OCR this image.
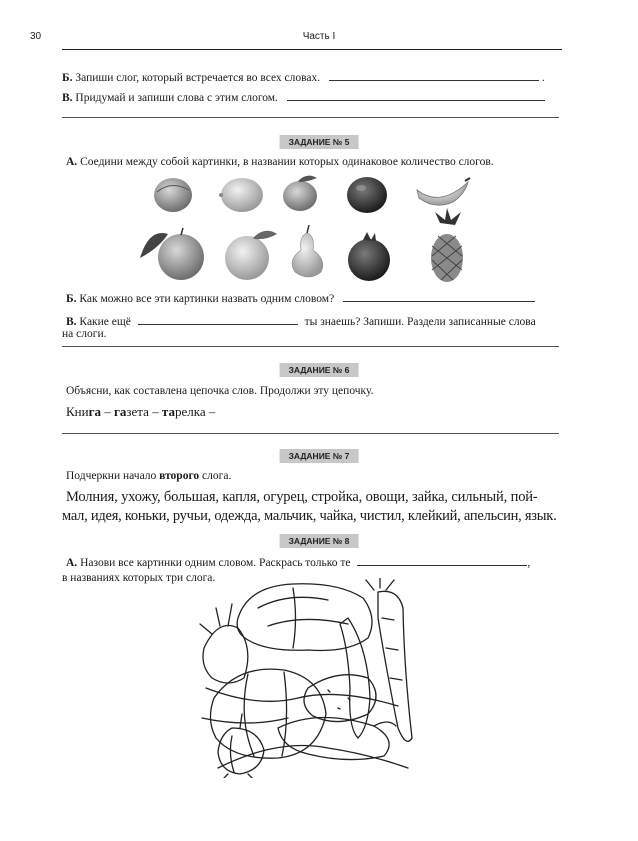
30	Часть I
Б. Запиши слог, который встречается во всех словах.	.
В. Придумай и запиши слова с этим слогом.
ЗАДАНИЕ № 5
А. Соедини между собой картинки, в названии которых одинаковое количество слогов.
Б. Как можно все эти картинки назвать одним словом?
В. Какие ещё	ты знаешь? Запиши. Раздели записанные слова
на слоги.
ЗАДАНИЕ № 6
Объясни, как составлена цепочка слов. Продолжи эту цепочку.
Книга – газета – тарелка –
ЗАДАНИЕ № 7
Подчеркни начало второго слога.
Молния, ухожу, большая, капля, огурец, стройка, овощи, зайка, сильный, пой-
мал, идея, коньки, ручьи, одежда, мальчик, чайка, чистил, клейкий, апельсин, язык.
ЗАДАНИЕ № 8
А. Назови все картинки одним словом. Раскрась только те	,
в названиях которых три слога.
